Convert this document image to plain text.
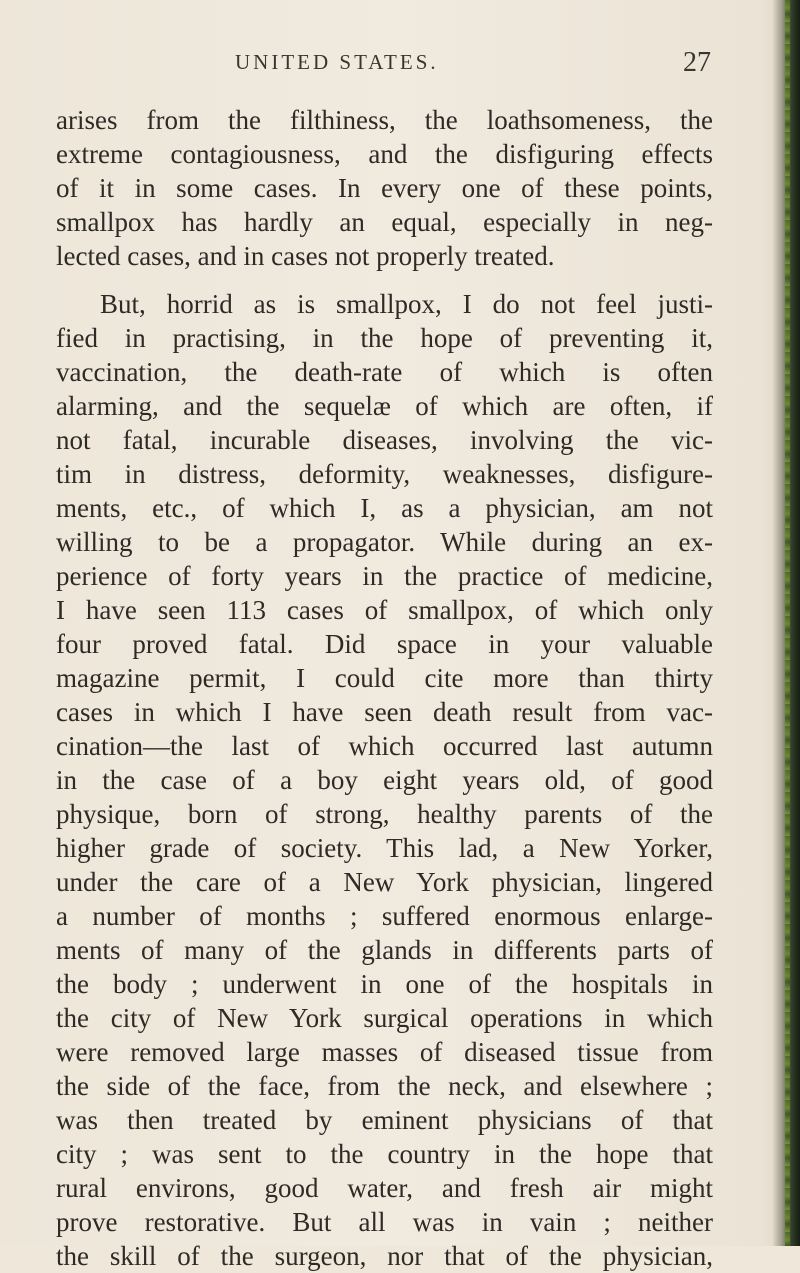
UNITED STATES.	27
arises from the filthiness, the loathsomeness, the
extreme contagiousness, and the disfiguring effects
of it in some cases. In every one of these points,
smallpox has hardly an equal, especially in neg-
lected cases, and in cases not properly treated.
But, horrid as is smallpox, I do not feel justi-
fied in practising, in the hope of preventing it,
vaccination, the death-rate of which is often
alarming, and the sequelæ of which are often, if
not fatal, incurable diseases, involving the vic-
tim in distress, deformity, weaknesses, disfigure-
ments, etc., of which I, as a physician, am not
willing to be a propagator. While during an ex-
perience of forty years in the practice of medicine,
I have seen 113 cases of smallpox, of which only
four proved fatal. Did space in your valuable
magazine permit, I could cite more than thirty
cases in which I have seen death result from vac-
cination—the last of which occurred last autumn
in the case of a boy eight years old, of good
physique, born of strong, healthy parents of the
higher grade of society. This lad, a New Yorker,
under the care of a New York physician, lingered
a number of months ; suffered enormous enlarge-
ments of many of the glands in differents parts of
the body ; underwent in one of the hospitals in
the city of New York surgical operations in which
were removed large masses of diseased tissue from
the side of the face, from the neck, and elsewhere ;
was then treated by eminent physicians of that
city ; was sent to the country in the hope that
rural environs, good water, and fresh air might
prove restorative. But all was in vain ; neither
the skill of the surgeon, nor that of the physician,
